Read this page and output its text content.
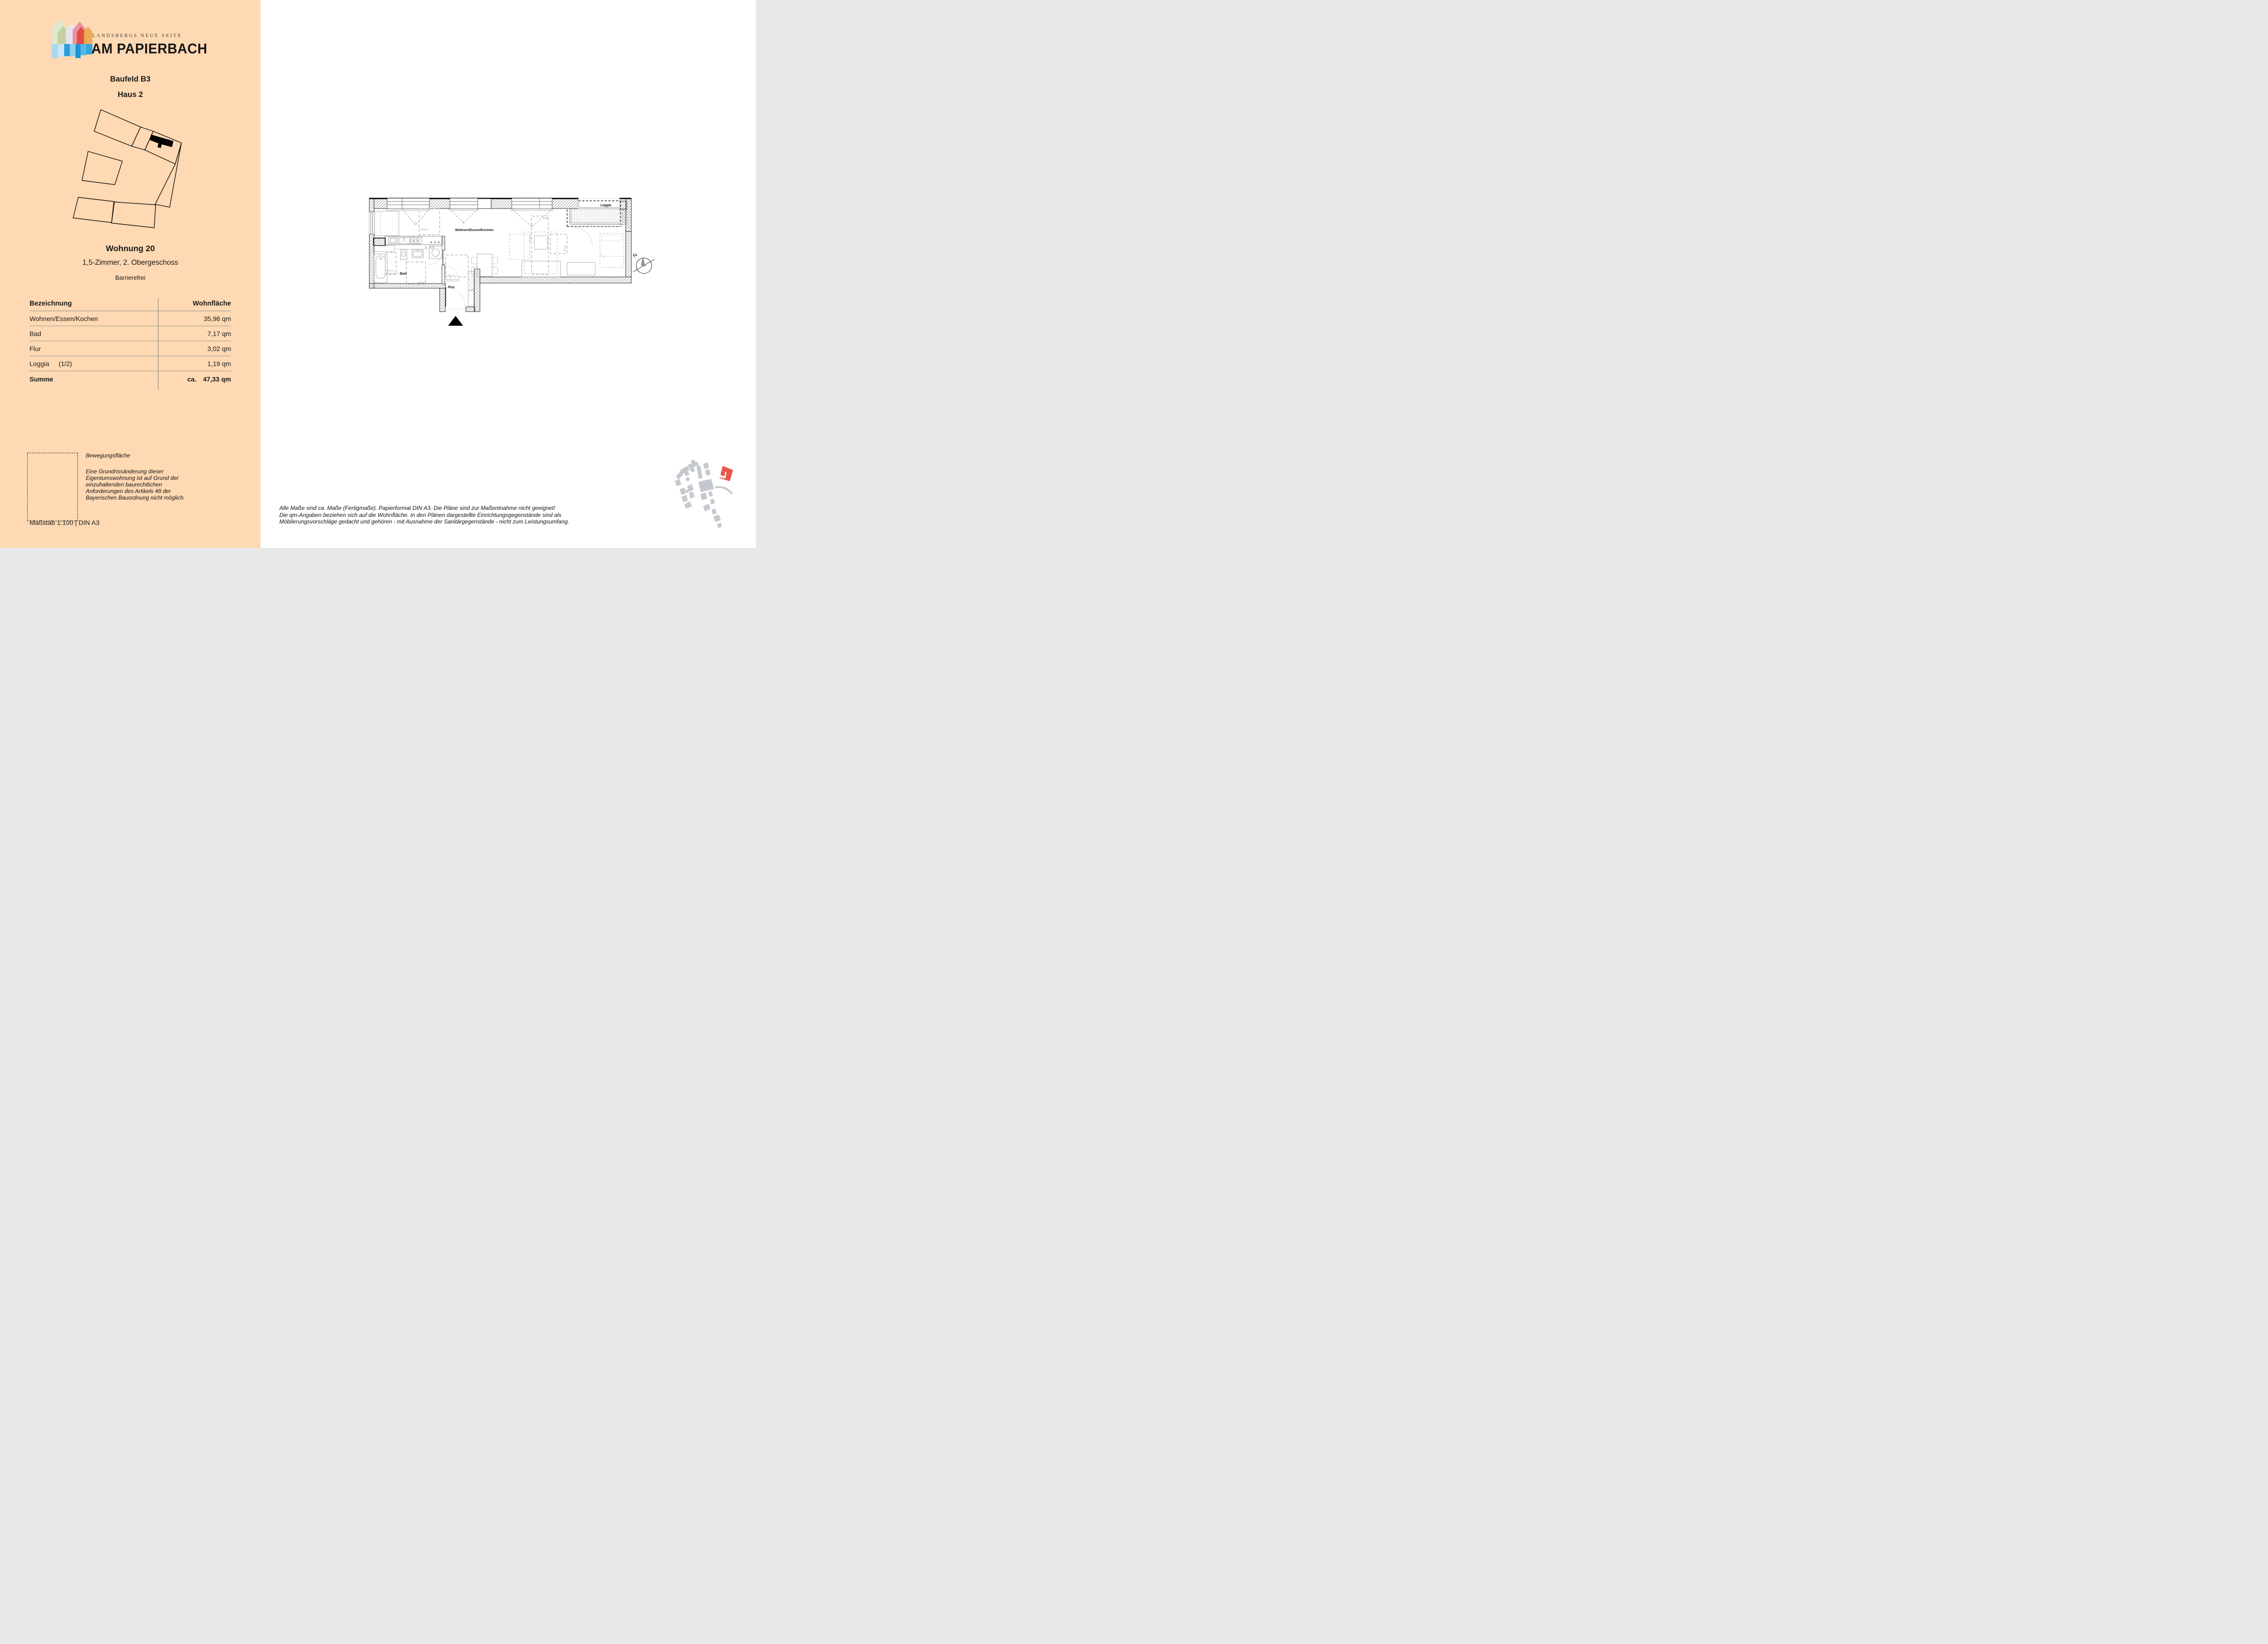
LANDSBERGS NEUE SEITE
AM PAPIERBACH
Baufeld B3
Haus 2
Wohnung 20
1,5-Zimmer, 2. Obergeschoss
Barrierefrei
Bezeichnung	Wohnfläche
Wohnen/Essen/Kochen	35,96 qm
Bad	7,17 qm
Flur	3,02 qm
Loggia (1/2)	1,19 qm
Summe	ca. 47,33 qm
Bewegungsfläche
Eine Grundrissänderung dieser Eigentumswohnung ist auf Grund der einzuhaltenden baurechtlichen Anforderungen des Artikels 48 der Bayerischen Bauordnung nicht möglich.
Maßstab 1:100 | DIN A3
Loggia
Wohnen/Essen/Kochen
Bad
Flur
120x120
120x120
Duschbereich
120x120
120x120
90x90
120x120
90x90
N
Alle Maße sind ca. Maße (Fertigmaße). Papierformat DIN A3. Die Pläne sind zur Maßentnahme nicht geeignet!
Die qm-Angaben beziehen sich auf die Wohnfläche. In den Plänen dargestellte Einrichtungsgegenstände sind als
Möblierungsvorschläge gedacht und gehören - mit Ausnahme der Sanitärgegenstände - nicht zum Leistungsumfang.
